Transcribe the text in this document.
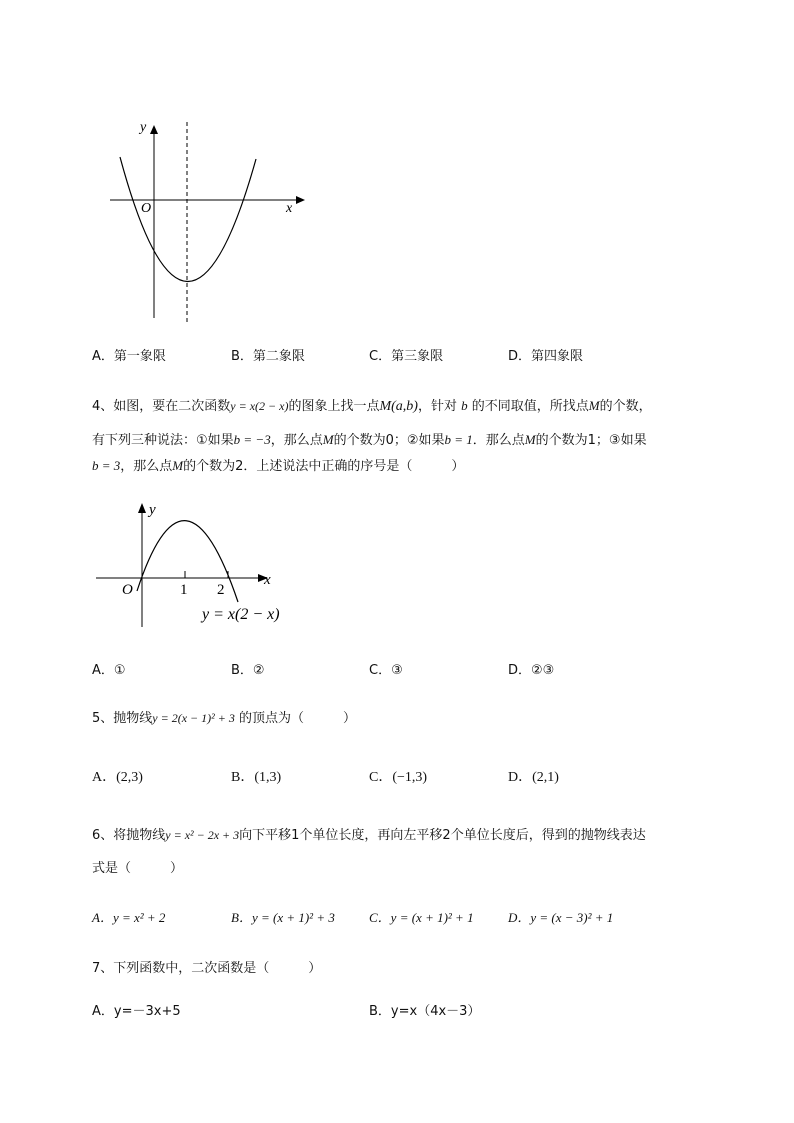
y
x
O
A．第一象限	B．第二象限	C．第三象限	D．第四象限
4、如图，要在二次函数y = x(2 − x)的图象上找一点M(a,b)，针对 b 的不同取值，所找点M的个数，
有下列三种说法：①如果b = −3，那么点M的个数为0；②如果b = 1．那么点M的个数为1；③如果
b = 3，那么点M的个数为2．上述说法中正确的序号是（　　　）
y
x
O	1 2
y = x(2 − x)
A．①	B．②	C．③	D．②③
5、抛物线y = 2(x − 1)² + 3 的顶点为（　　　）
A．(2,3)	B．(1,3)	C．(−1,3)	D．(2,1)
6、将抛物线y = x² − 2x + 3向下平移1个单位长度，再向左平移2个单位长度后，得到的抛物线表达
式是（　　　）
A．y = x² + 2	B．y = (x + 1)² + 3	C．y = (x + 1)² + 1	D．y = (x − 3)² + 1
7、下列函数中，二次函数是（　　　）
A．y=－3x+5	B．y=x（4x－3）
